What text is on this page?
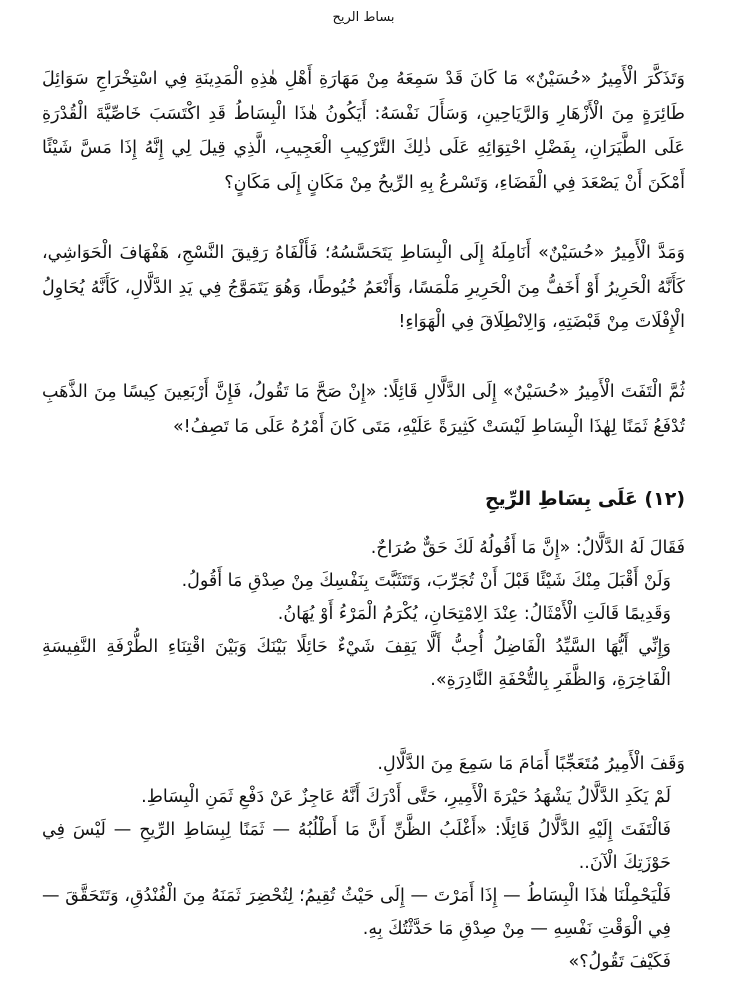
بساط الريح

وَتَذَكَّرَ الْأَمِيرُ «حُسَيْنٌ» مَا كَانَ قَدْ سَمِعَهُ مِنْ مَهَارَةِ أَهْلِ هٰذِهِ الْمَدِينَةِ فِي اسْتِخْرَاجِ سَوَائِلَ طَائِرَةٍ مِنَ الْأَزْهَارِ وَالرَّيَاحِينِ، وَسَأَلَ نَفْسَهُ: أَيَكُونُ هٰذَا الْبِسَاطُ قَدِ اكْتَسَبَ خَاصِّيَّةَ الْقُدْرَةِ عَلَى الطَّيَرَانِ، بِفَضْلِ احْتِوَائِهِ عَلَى ذٰلِكَ التَّرْكِيبِ الْعَجِيبِ، الَّذِي قِيلَ لِي إِنَّهُ إِذَا مَسَّ شَيْئًا أَمْكَنَ أَنْ يَصْعَدَ فِي الْفَضَاءِ، وَتَسْرعُ بِهِ الرِّيحُ مِنْ مَكَانٍ إِلَى مَكَانٍ؟

وَمَدَّ الْأَمِيرُ «حُسَيْنٌ» أَنَامِلَهُ إِلَى الْبِسَاطِ يَتَحَسَّسُهُ؛ فَأَلْفَاهُ رَقِيقَ النَّسْجِ، هَفْهَافَ الْحَوَاشِي، كَأَنَّهُ الْحَرِيرُ أَوْ أَخَفُّ مِنَ الْحَرِيرِ مَلْمَسًا، وَأَنْعَمُ خُيُوطًا، وَهُوَ يَتَمَوَّجُ فِي يَدِ الدَّلَّالِ، كَأَنَّهُ يُحَاوِلُ الْإِفْلَاتَ مِنْ قَبْضَتِهِ، وَالِانْطِلَاقَ فِي الْهَوَاءِ!

ثُمَّ الْتَفَتَ الْأَمِيرُ «حُسَيْنٌ» إِلَى الدَّلَّالِ قَائِلًا: «إِنْ صَحَّ مَا تَقُولُ، فَإِنَّ أَرْبَعِينَ كِيسًا مِنَ الذَّهَبِ تُدْفَعُ ثَمَنًا لِهٰذَا الْبِسَاطِ لَيْسَتْ كَثِيرَةً عَلَيْهِ، مَتَى كَانَ أَمْرُهُ عَلَى مَا تَصِفُ!»

(١٢) عَلَى بِسَاطِ الرِّيحِ
فَقَالَ لَهُ الدَّلَّالُ: «إِنَّ مَا أَقُولُهُ لَكَ حَقٌّ صُرَاحٌ.
وَلَنْ أَقْبَلَ مِنْكَ شَيْئًا قَبْلَ أَنْ تُجَرِّبَ، وَتَتَثَبَّتَ بِنَفْسِكَ مِنْ صِدْقِ مَا أَقُولُ.
وَقَدِيمًا قَالَتِ الْأَمْثَالُ: عِنْدَ الِامْتِحَانِ، يُكْرَمُ الْمَرْءُ أَوْ يُهَانُ.
وَإِنِّي أَيُّهَا السَّيِّدُ الْفَاضِلُ أُحِبُّ أَلَّا يَقِفَ شَيْءٌ حَائِلًا بَيْنَكَ وَبَيْنَ اقْتِنَاءِ الطُّرْفَةِ النَّفِيسَةِ الْفَاخِرَةِ، وَالظَّفَرِ بِالتُّحْفَةِ النَّادِرَةِ».
وَقَفَ الْأَمِيرُ مُتَعَجِّبًا أَمَامَ مَا سَمِعَ مِنَ الدَّلَّالِ.
لَمْ يَكَدِ الدَّلَّالُ يَشْهَدُ حَيْرَةَ الْأَمِيرِ، حَتَّى أَدْرَكَ أَنَّهُ عَاجِزٌ عَنْ دَفْعِ ثَمَنِ الْبِسَاطِ.
فَالْتَفَتَ إِلَيْهِ الدَّلَّالُ قَائِلًا: «أَغْلَبُ الظَّنِّ أَنَّ مَا أَطْلُبُهُ — ثَمَنًا لِبِسَاطِ الرِّيحِ — لَيْسَ فِي حَوْزَتِكَ الْآنَ..
فَلْيَحْمِلْنَا هٰذَا الْبِسَاطُ — إِذَا أَمَرْتَ — إِلَى حَيْثُ تُقِيمُ؛ لِتُحْضِرَ ثَمَنَهُ مِنَ الْفُنْدُقِ، وَتَتَحَقَّقَ — فِي الْوَقْتِ نَفْسِهِ — مِنْ صِدْقِ مَا حَدَّثْتُكَ بِهِ.
فَكَيْفَ تَقُولُ؟»
